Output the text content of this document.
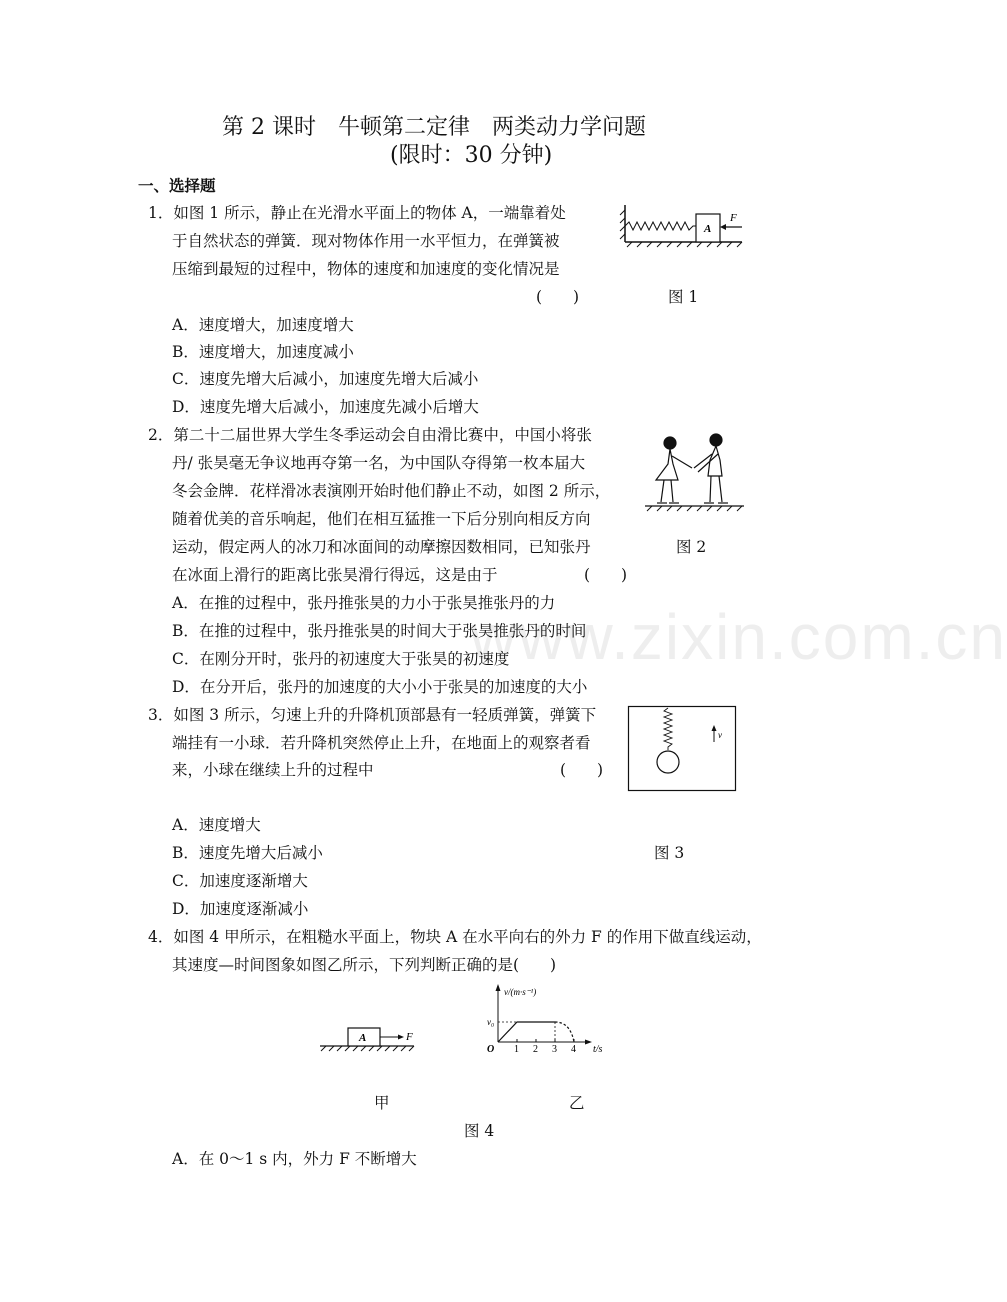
www.zixin.com.cn
第 2 课时　牛顿第二定律　两类动力学问题
(限时：30 分钟)
一、选择题
1．如图 1 所示，静止在光滑水平面上的物体 A，一端靠着处
于自然状态的弹簧．现对物体作用一水平恒力，在弹簧被
压缩到最短的过程中，物体的速度和加速度的变化情况是
(　　)	图 1
A
F
A．速度增大，加速度增大
B．速度增大，加速度减小
C．速度先增大后减小，加速度先增大后减小
D．速度先增大后减小，加速度先减小后增大
2．第二十二届世界大学生冬季运动会自由滑比赛中，中国小将张
丹/ 张昊毫无争议地再夺第一名，为中国队夺得第一枚本届大
冬会金牌．花样滑冰表演刚开始时他们静止不动，如图 2 所示，
随着优美的音乐响起，他们在相互猛推一下后分别向相反方向
运动，假定两人的冰刀和冰面间的动摩擦因数相同，已知张丹	图 2
在冰面上滑行的距离比张昊滑行得远，这是由于	(　　)
A．在推的过程中，张丹推张昊的力小于张昊推张丹的力
B．在推的过程中，张丹推张昊的时间大于张昊推张丹的时间
C．在刚分开时，张丹的初速度大于张昊的初速度
D．在分开后，张丹的加速度的大小小于张昊的加速度的大小
3．如图 3 所示，匀速上升的升降机顶部悬有一轻质弹簧，弹簧下
端挂有一小球．若升降机突然停止上升，在地面上的观察者看
来，小球在继续上升的过程中	(　　)
v
A．速度增大
B．速度先增大后减小	图 3
C．加速度逐渐增大
D．加速度逐渐减小
4．如图 4 甲所示，在粗糙水平面上，物块 A 在水平向右的外力 F 的作用下做直线运动，
其速度—时间图象如图乙所示，下列判断正确的是(　　)
A	F
v/(m·s⁻¹)
t/s
O
v₀
1 2 3 4
甲	乙
图 4
A．在 0～1 s 内，外力 F 不断增大
